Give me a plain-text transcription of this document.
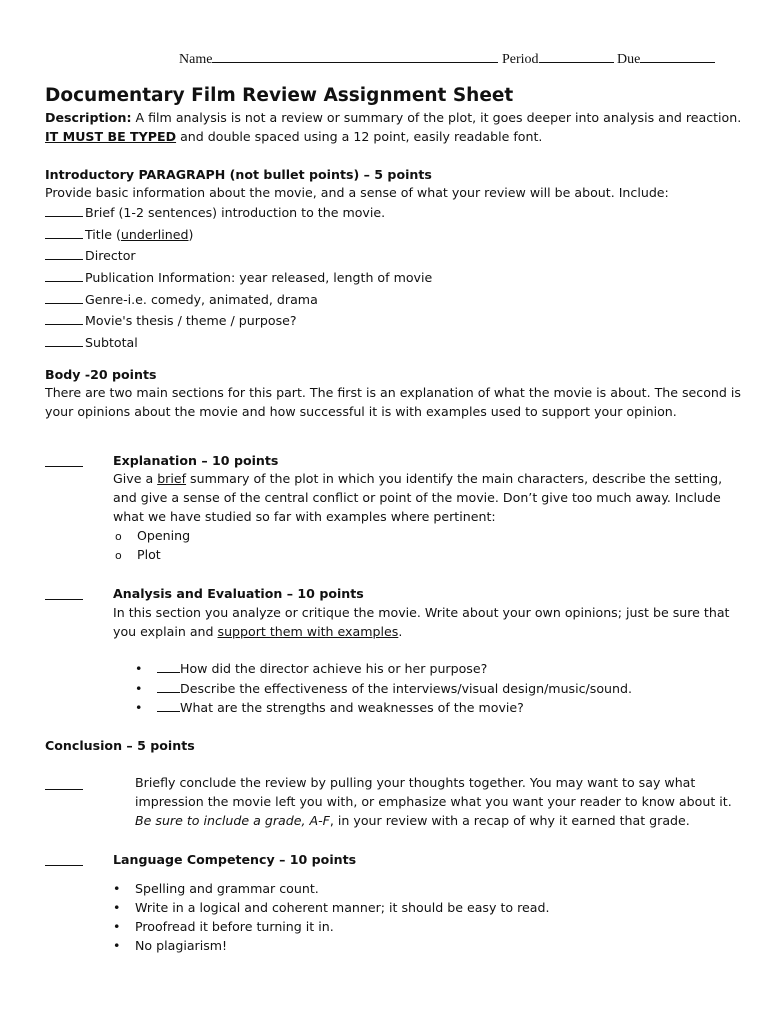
Name	Period	Due
Documentary Film Review Assignment Sheet
Description: A film analysis is not a review or summary of the plot, it goes deeper into analysis and reaction.
IT MUST BE TYPED and double spaced using a 12 point, easily readable font.
Introductory PARAGRAPH (not bullet points) – 5 points
Provide basic information about the movie, and a sense of what your review will be about. Include:
Brief (1-2 sentences) introduction to the movie.
Title (underlined)
Director
Publication Information: year released, length of movie
Genre-i.e. comedy, animated, drama
Movie's thesis / theme / purpose?
Subtotal
Body -20 points
There are two main sections for this part. The first is an explanation of what the movie is about. The second is
your opinions about the movie and how successful it is with examples used to support your opinion.
Explanation – 10 points
Give a brief summary of the plot in which you identify the main characters, describe the setting,
and give a sense of the central conflict or point of the movie. Don’t give too much away. Include
what we have studied so far with examples where pertinent:
o Opening
o Plot
Analysis and Evaluation – 10 points
In this section you analyze or critique the movie. Write about your own opinions; just be sure that
you explain and support them with examples.
•	How did the director achieve his or her purpose?
•	Describe the effectiveness of the interviews/visual design/music/sound.
•	What are the strengths and weaknesses of the movie?
Conclusion – 5 points
Briefly conclude the review by pulling your thoughts together. You may want to say what
impression the movie left you with, or emphasize what you want your reader to know about it.
Be sure to include a grade, A-F, in your review with a recap of why it earned that grade.
Language Competency – 10 points
• Spelling and grammar count.
• Write in a logical and coherent manner; it should be easy to read.
• Proofread it before turning it in.
• No plagiarism!
